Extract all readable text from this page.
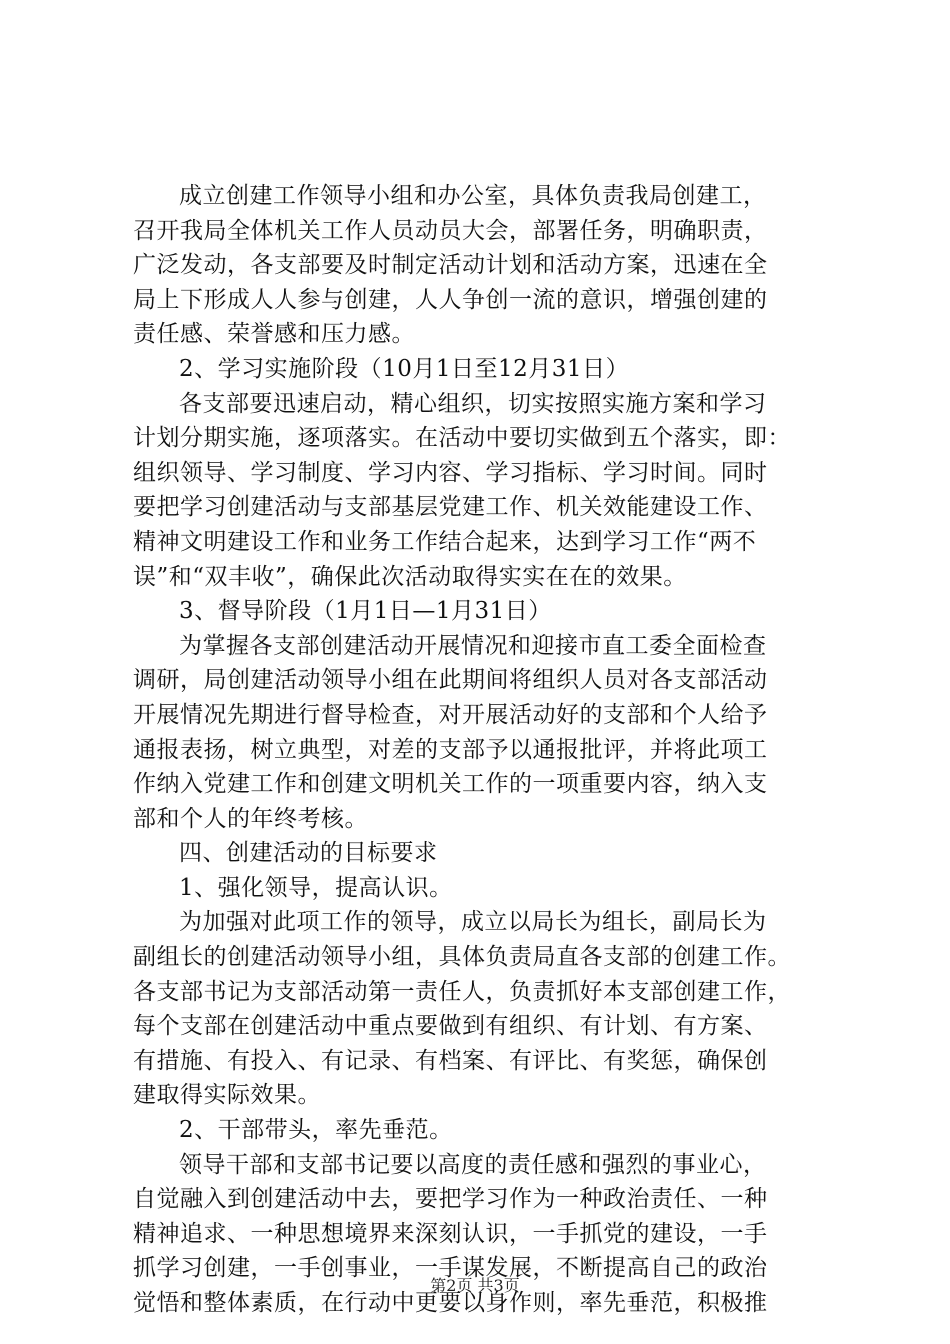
成立创建工作领导小组和办公室，具体负责我局创建工，
召开我局全体机关工作人员动员大会，部署任务，明确职责，
广泛发动，各支部要及时制定活动计划和活动方案，迅速在全
局上下形成人人参与创建，人人争创一流的意识，增强创建的
责任感、荣誉感和压力感。
2、学习实施阶段（10月1日至12月31日）
各支部要迅速启动，精心组织，切实按照实施方案和学习
计划分期实施，逐项落实。在活动中要切实做到五个落实，即：
组织领导、学习制度、学习内容、学习指标、学习时间。同时
要把学习创建活动与支部基层党建工作、机关效能建设工作、
精神文明建设工作和业务工作结合起来，达到学习工作“两不
误”和“双丰收”，确保此次活动取得实实在在的效果。
3、督导阶段（1月1日—1月31日）
为掌握各支部创建活动开展情况和迎接市直工委全面检查
调研，局创建活动领导小组在此期间将组织人员对各支部活动
开展情况先期进行督导检查，对开展活动好的支部和个人给予
通报表扬，树立典型，对差的支部予以通报批评，并将此项工
作纳入党建工作和创建文明机关工作的一项重要内容，纳入支
部和个人的年终考核。
四、创建活动的目标要求
1、强化领导，提高认识。
为加强对此项工作的领导，成立以局长为组长，副局长为
副组长的创建活动领导小组，具体负责局直各支部的创建工作。
各支部书记为支部活动第一责任人，负责抓好本支部创建工作，
每个支部在创建活动中重点要做到有组织、有计划、有方案、
有措施、有投入、有记录、有档案、有评比、有奖惩，确保创
建取得实际效果。
2、干部带头，率先垂范。
领导干部和支部书记要以高度的责任感和强烈的事业心，
自觉融入到创建活动中去，要把学习作为一种政治责任、一种
精神追求、一种思想境界来深刻认识，一手抓党的建设，一手
抓学习创建，一手创事业，一手谋发展，不断提高自己的政治
觉悟和整体素质，在行动中更要以身作则，率先垂范，积极推
第2页 共3页
